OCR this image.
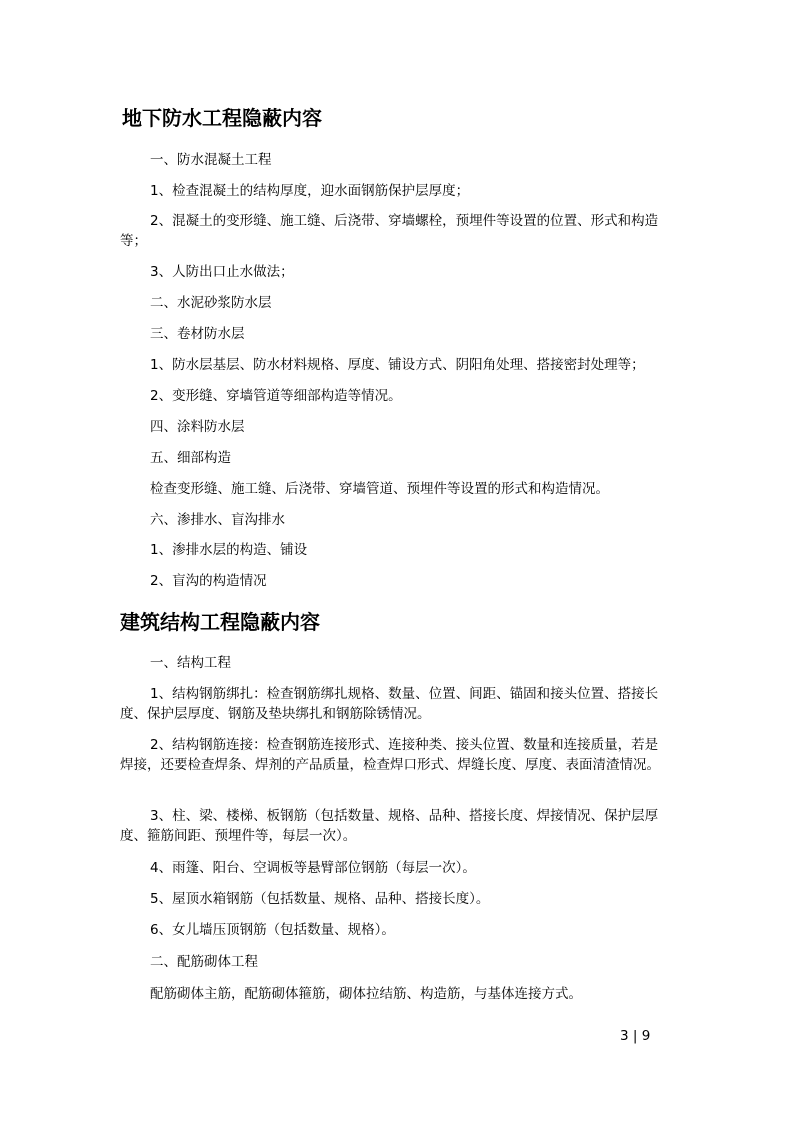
地下防水工程隐蔽内容

一、防水混凝土工程

1、检查混凝土的结构厚度，迎水面钢筋保护层厚度；

2、混凝土的变形缝、施工缝、后浇带、穿墙螺栓，预埋件等设置的位置、形式和构造等；

3、人防出口止水做法；

二、水泥砂浆防水层

三、卷材防水层

1、防水层基层、防水材料规格、厚度、铺设方式、阴阳角处理、搭接密封处理等；

2、变形缝、穿墙管道等细部构造等情况。

四、涂料防水层

五、细部构造

检查变形缝、施工缝、后浇带、穿墙管道、预埋件等设置的形式和构造情况。

六、渗排水、盲沟排水

1、渗排水层的构造、铺设

2、盲沟的构造情况

建筑结构工程隐蔽内容

一、结构工程

1、结构钢筋绑扎：检查钢筋绑扎规格、数量、位置、间距、锚固和接头位置、搭接长度、保护层厚度、钢筋及垫块绑扎和钢筋除锈情况。

2、结构钢筋连接：检查钢筋连接形式、连接种类、接头位置、数量和连接质量，若是焊接，还要检查焊条、焊剂的产品质量，检查焊口形式、焊缝长度、厚度、表面清渣情况。

3、柱、梁、楼梯、板钢筋（包括数量、规格、品种、搭接长度、焊接情况、保护层厚度、箍筋间距、预埋件等，每层一次）。

4、雨篷、阳台、空调板等悬臂部位钢筋（每层一次）。

5、屋顶水箱钢筋（包括数量、规格、品种、搭接长度）。

6、女儿墙压顶钢筋（包括数量、规格）。

二、配筋砌体工程

配筋砌体主筋，配筋砌体箍筋，砌体拉结筋、构造筋，与基体连接方式。

3 | 9
